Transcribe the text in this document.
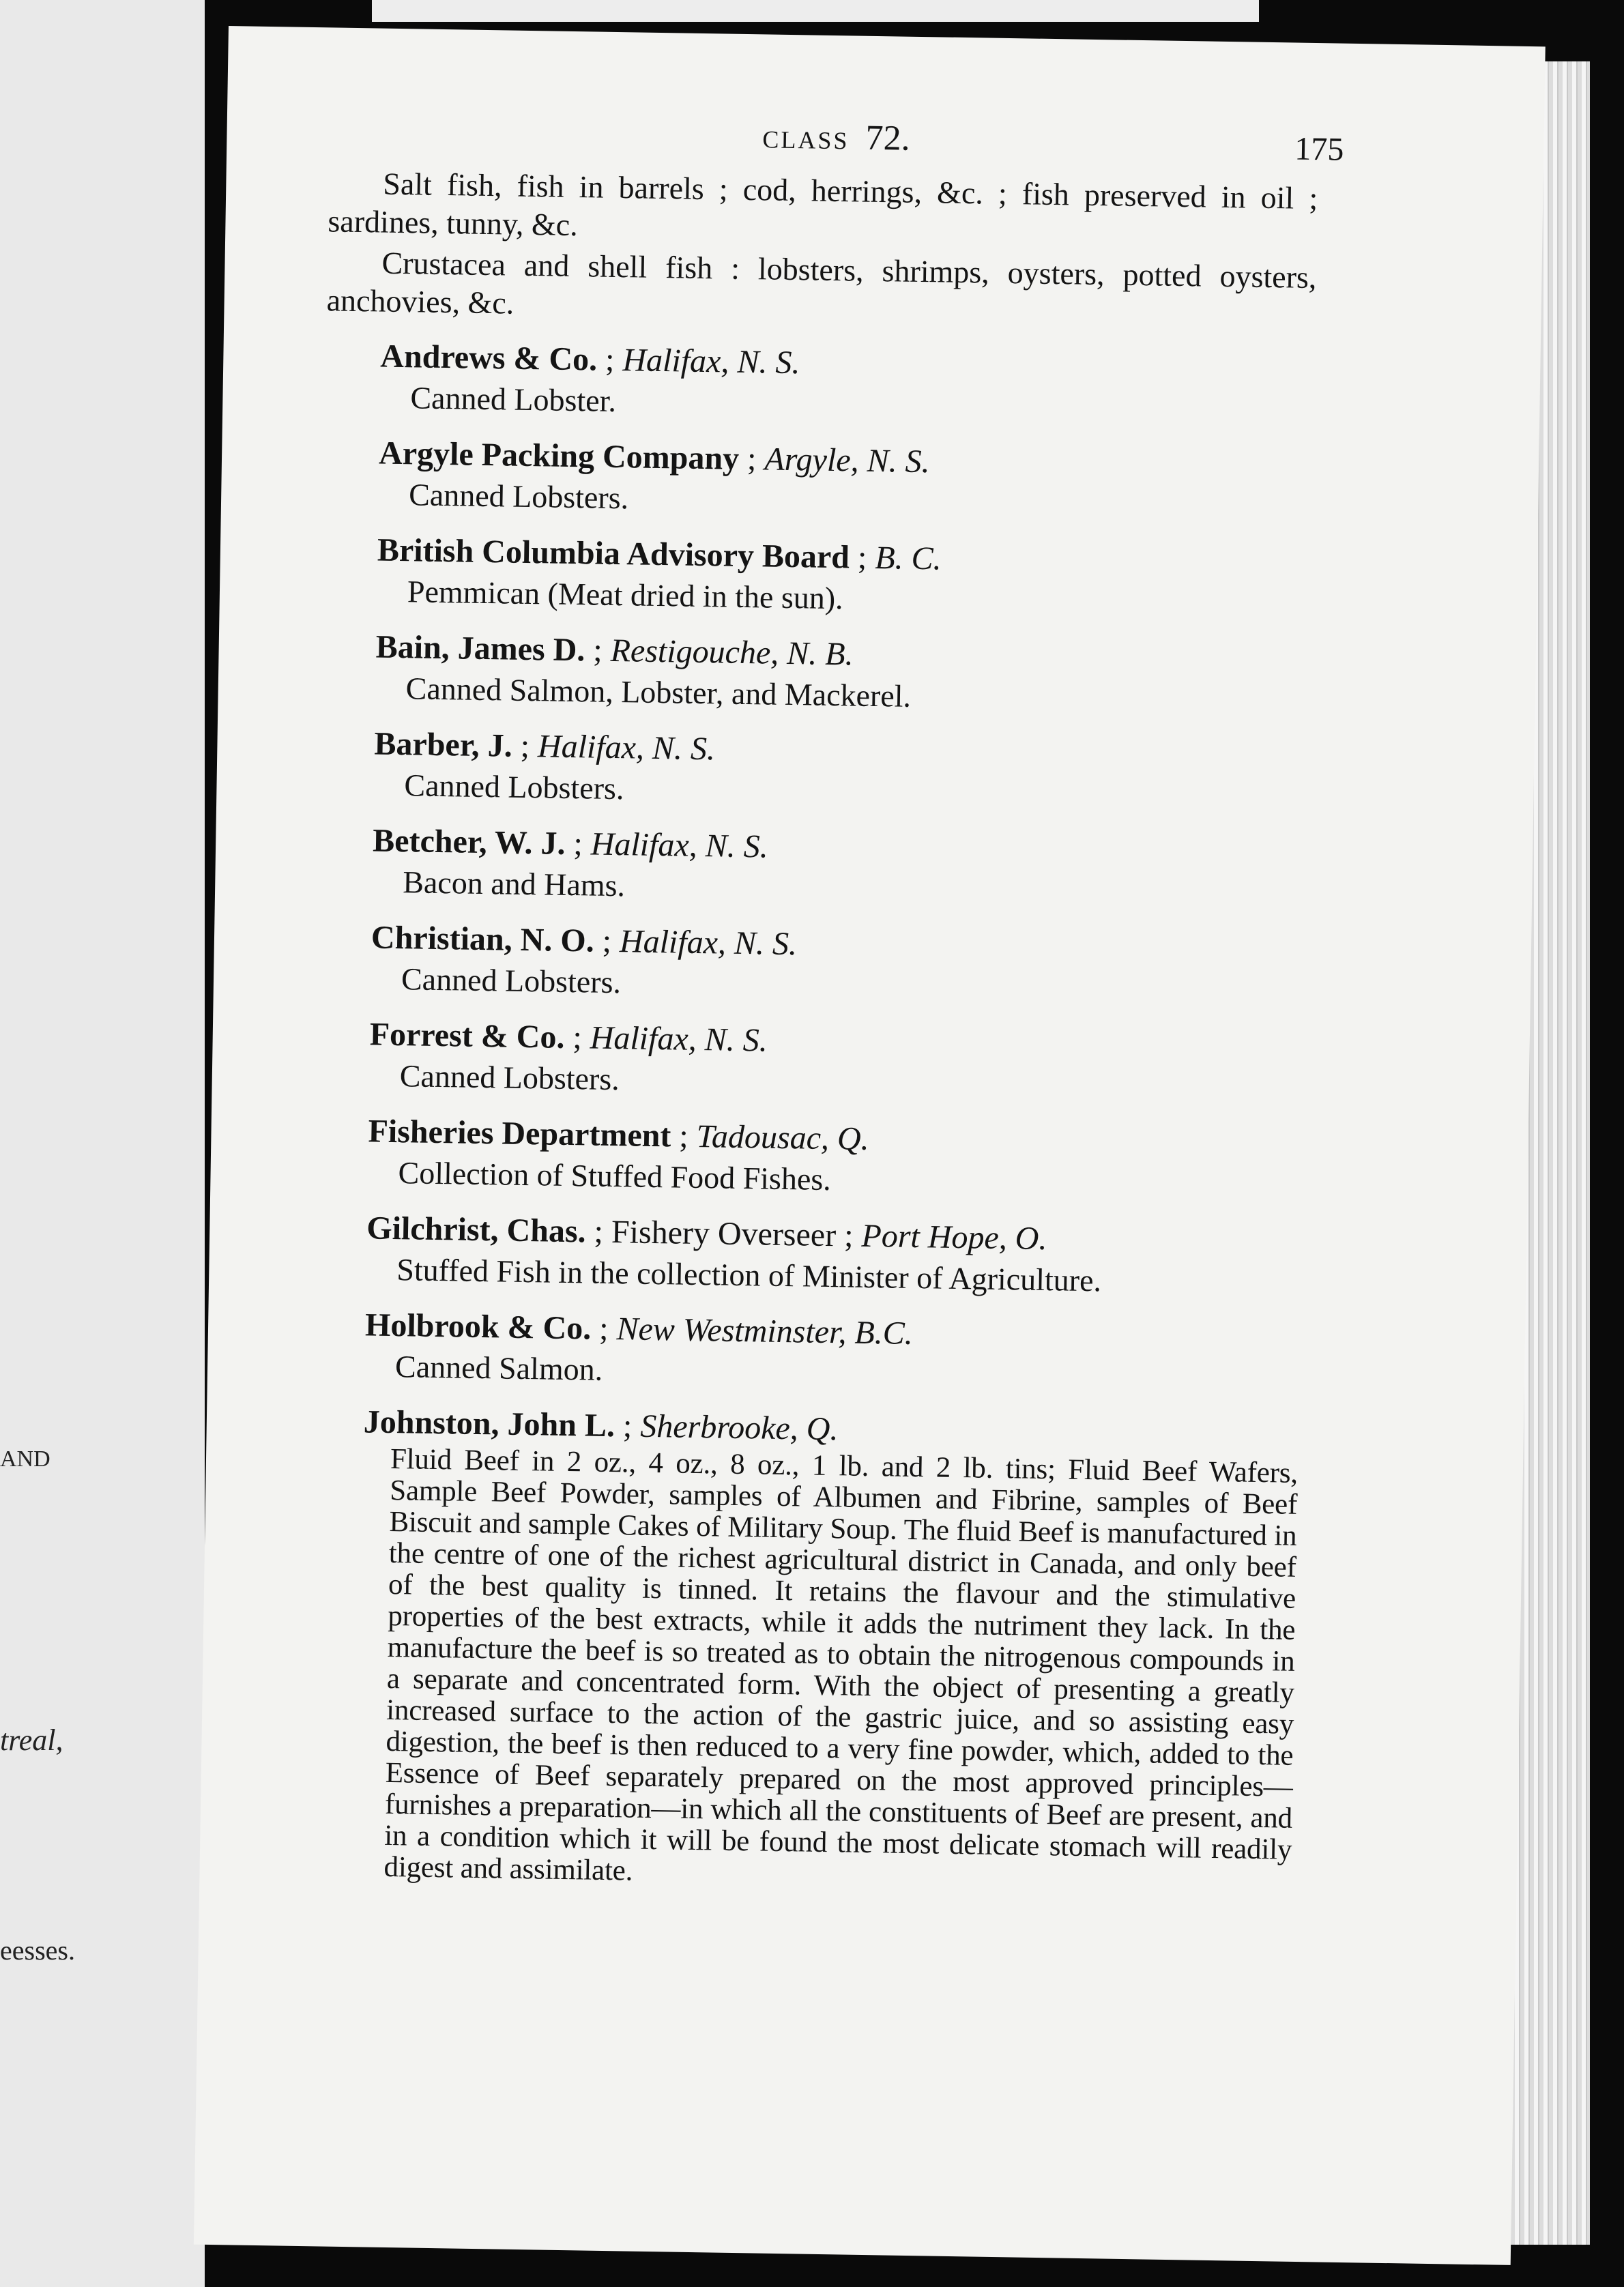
AND
treal,
eesses.
CLASS 72.	175

Salt fish, fish in barrels ; cod, herrings, &c. ; fish preserved in oil ; sardines, tunny, &c.

Crustacea and shell fish : lobsters, shrimps, oysters, potted oysters, anchovies, &c.

Andrews & Co. ; Halifax, N. S.
Canned Lobster.
Argyle Packing Company ; Argyle, N. S.
Canned Lobsters.
British Columbia Advisory Board ; B. C.
Pemmican (Meat dried in the sun).
Bain, James D. ; Restigouche, N. B.
Canned Salmon, Lobster, and Mackerel.
Barber, J. ; Halifax, N. S.
Canned Lobsters.
Betcher, W. J. ; Halifax, N. S.
Bacon and Hams.
Christian, N. O. ; Halifax, N. S.
Canned Lobsters.
Forrest & Co. ; Halifax, N. S.
Canned Lobsters.
Fisheries Department ; Tadousac, Q.
Collection of Stuffed Food Fishes.
Gilchrist, Chas. ; Fishery Overseer ; Port Hope, O.
Stuffed Fish in the collection of Minister of Agriculture.
Holbrook & Co. ; New Westminster, B.C.
Canned Salmon.
Johnston, John L. ; Sherbrooke, Q.

Fluid Beef in 2 oz., 4 oz., 8 oz., 1 lb. and 2 lb. tins; Fluid Beef Wafers, Sample Beef Powder, samples of Albumen and Fibrine, samples of Beef Biscuit and sample Cakes of Military Soup. The fluid Beef is manufactured in the centre of one of the richest agricultural district in Canada, and only beef of the best quality is tinned. It retains the flavour and the stimulative properties of the best extracts, while it adds the nutriment they lack. In the manufacture the beef is so treated as to obtain the nitrogenous compounds in a separate and concentrated form. With the object of presenting a greatly increased surface to the action of the gastric juice, and so assisting easy digestion, the beef is then reduced to a very fine powder, which, added to the Essence of Beef separately prepared on the most approved principles—furnishes a preparation—in which all the constituents of Beef are present, and in a condition which it will be found the most delicate stomach will readily digest and assimilate.
